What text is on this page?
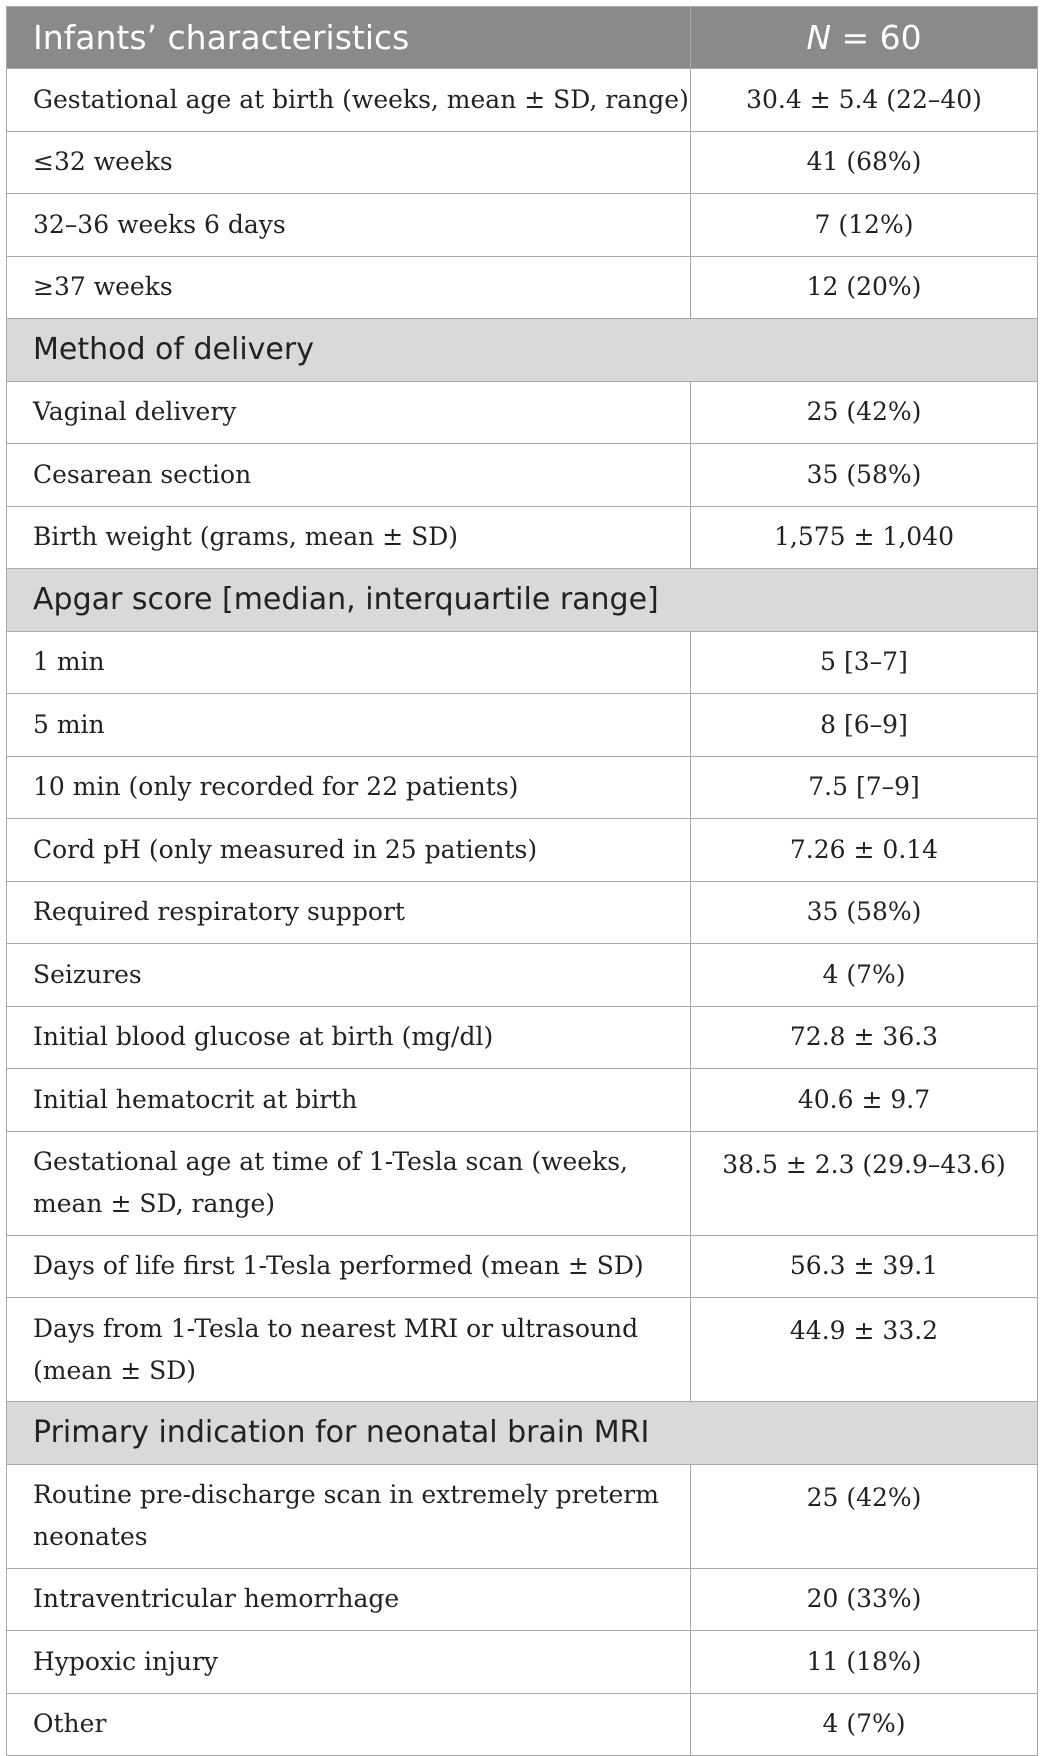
Infants’ characteristics	N = 60
Gestational age at birth (weeks, mean ± SD, range)	30.4 ± 5.4 (22–40)
≤32 weeks	41 (68%)
32–36 weeks 6 days	7 (12%)
≥37 weeks	12 (20%)
Method of delivery	
Vaginal delivery	25 (42%)
Cesarean section	35 (58%)
Birth weight (grams, mean ± SD)	1,575 ± 1,040
Apgar score [median, interquartile range]	
1 min	5 [3–7]
5 min	8 [6–9]
10 min (only recorded for 22 patients)	7.5 [7–9]
Cord pH (only measured in 25 patients)	7.26 ± 0.14
Required respiratory support	35 (58%)
Seizures	4 (7%)
Initial blood glucose at birth (mg/dl)	72.8 ± 36.3
Initial hematocrit at birth	40.6 ± 9.7
Gestational age at time of 1-Tesla scan (weeks, mean ± SD, range)	38.5 ± 2.3 (29.9–43.6)
Days of life first 1-Tesla performed (mean ± SD)	56.3 ± 39.1
Days from 1-Tesla to nearest MRI or ultrasound (mean ± SD)	44.9 ± 33.2
Primary indication for neonatal brain MRI	
Routine pre-discharge scan in extremely preterm neonates	25 (42%)
Intraventricular hemorrhage	20 (33%)
Hypoxic injury	11 (18%)
Other	4 (7%)
